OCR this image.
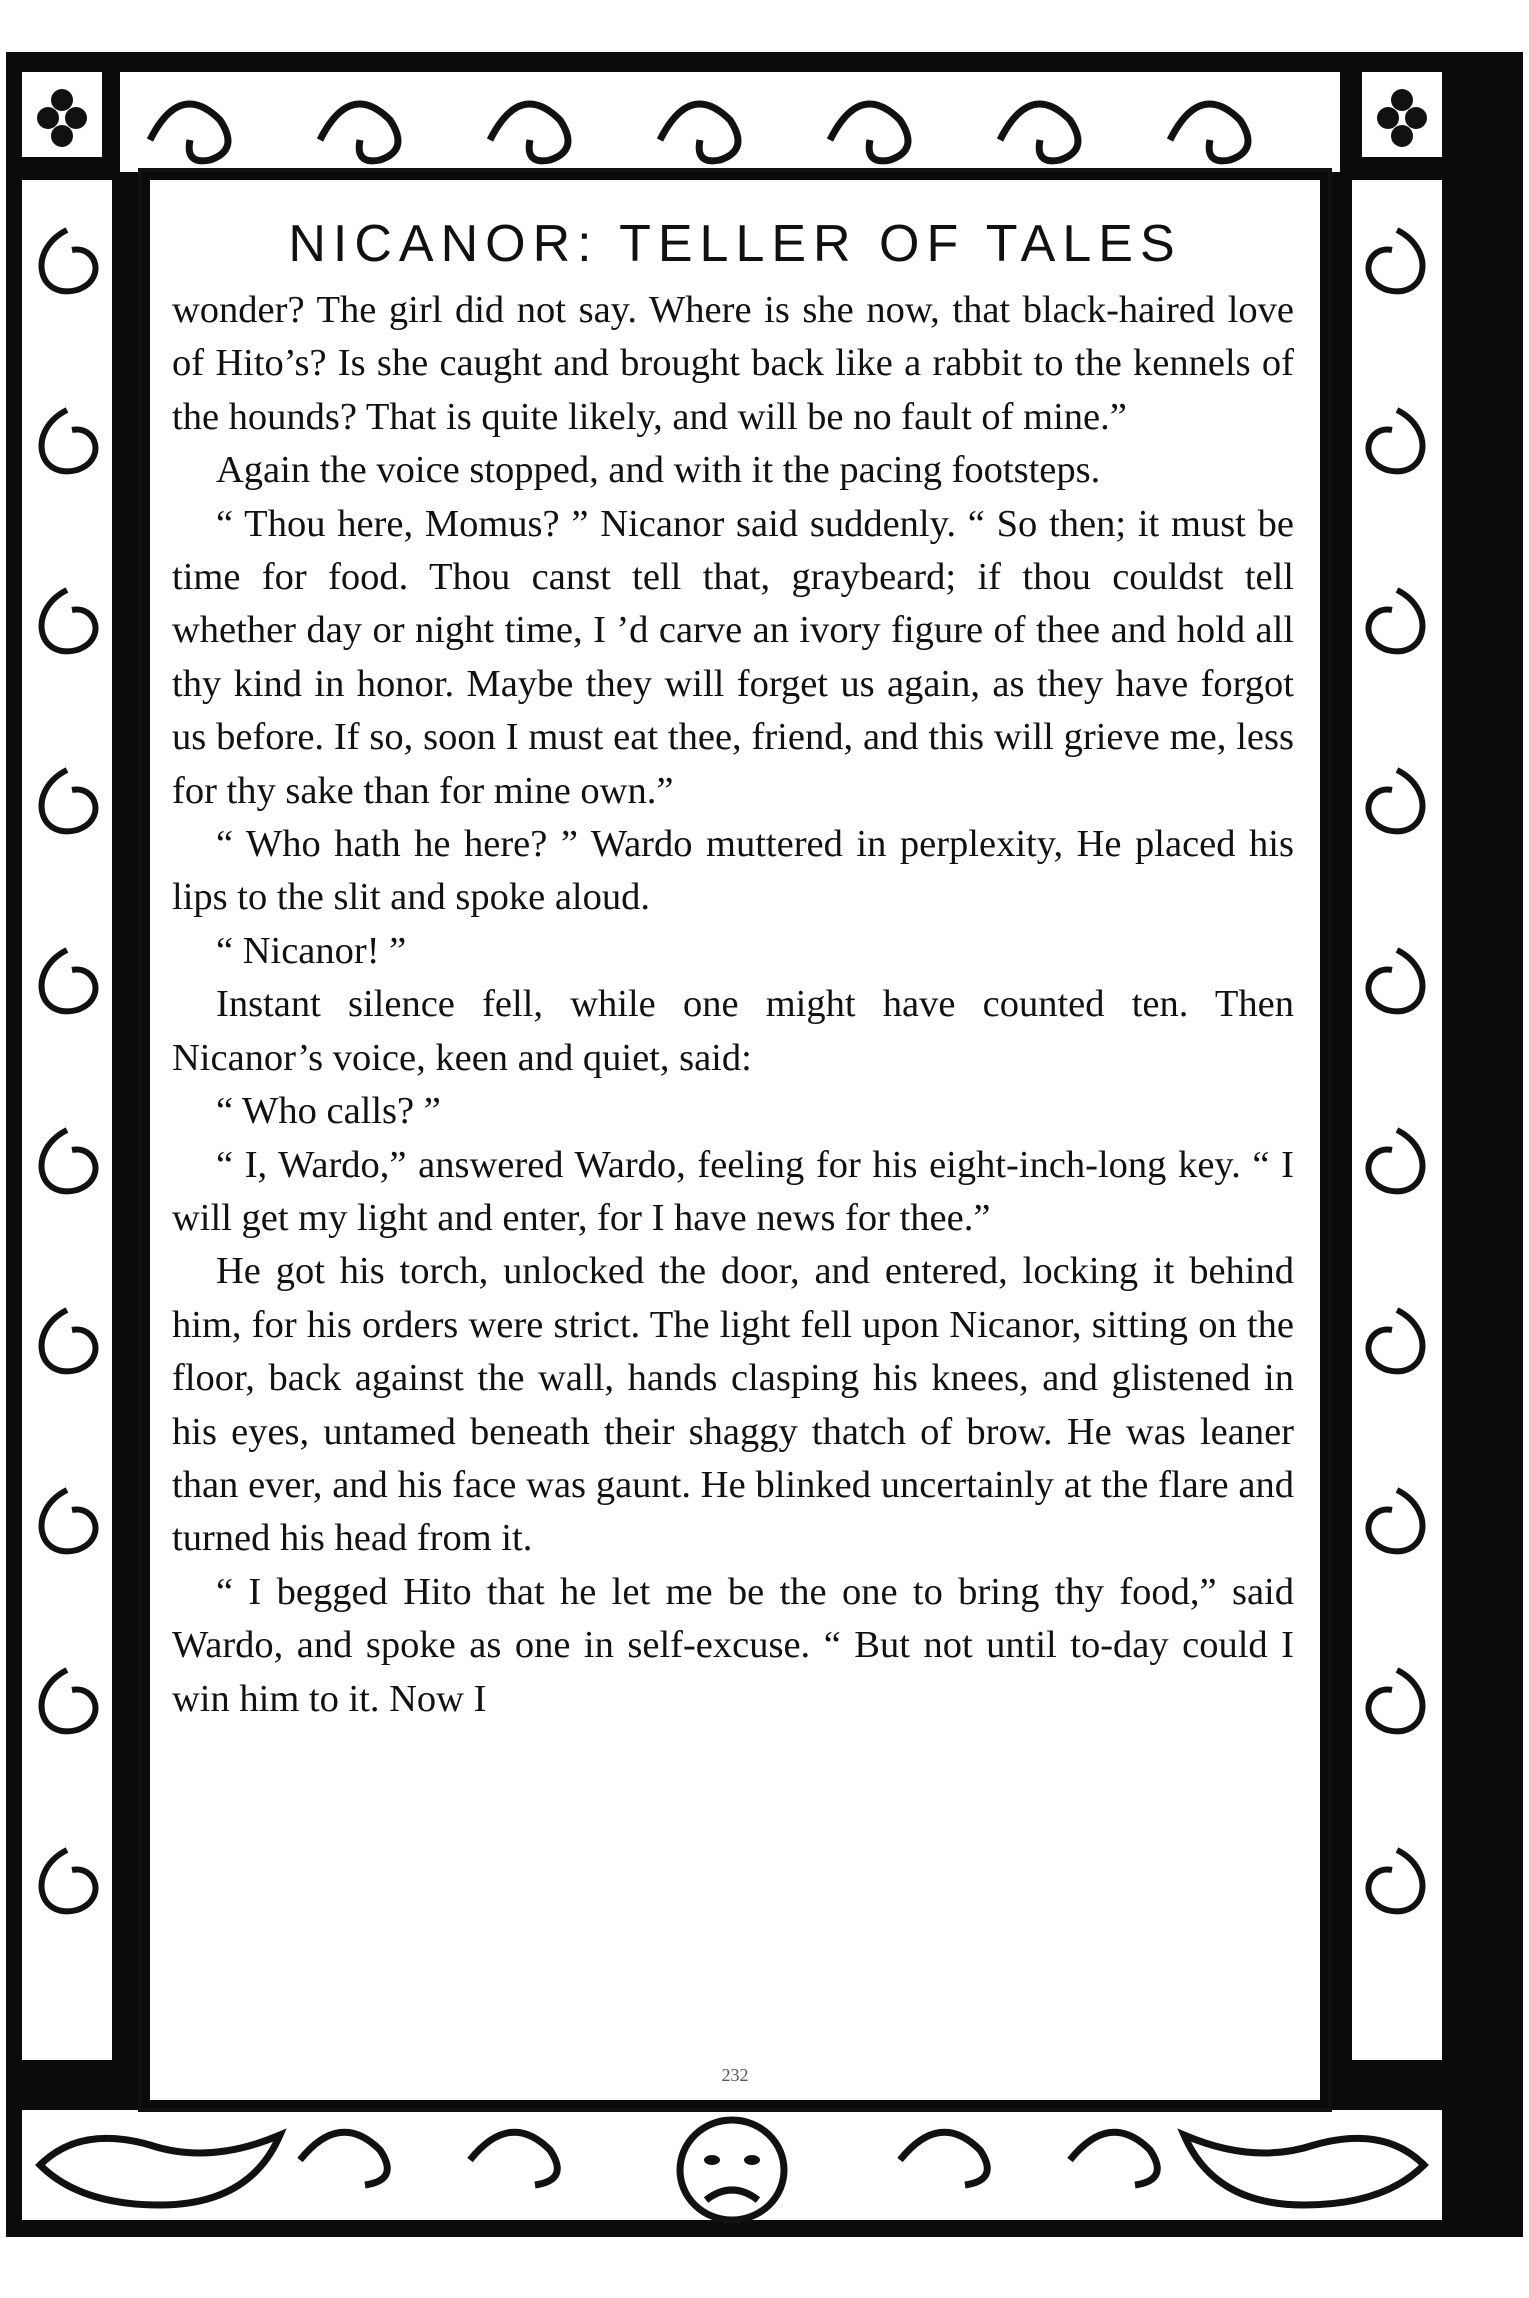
NICANOR: TELLER OF TALES

wonder? The girl did not say. Where is she now, that black-haired love of Hito’s? Is she caught and brought back like a rabbit to the kennels of the hounds? That is quite likely, and will be no fault of mine.”

Again the voice stopped, and with it the pacing footsteps.

“ Thou here, Momus? ” Nicanor said suddenly. “ So then; it must be time for food. Thou canst tell that, graybeard; if thou couldst tell whether day or night time, I ’d carve an ivory figure of thee and hold all thy kind in honor. Maybe they will forget us again, as they have forgot us before. If so, soon I must eat thee, friend, and this will grieve me, less for thy sake than for mine own.”

“ Who hath he here? ” Wardo muttered in perplexity, He placed his lips to the slit and spoke aloud.

“ Nicanor! ”

Instant silence fell, while one might have counted ten. Then Nicanor’s voice, keen and quiet, said:

“ Who calls? ”

“ I, Wardo,” answered Wardo, feeling for his eight-inch-long key. “ I will get my light and enter, for I have news for thee.”

He got his torch, unlocked the door, and entered, locking it behind him, for his orders were strict. The light fell upon Nicanor, sitting on the floor, back against the wall, hands clasping his knees, and glistened in his eyes, untamed beneath their shaggy thatch of brow. He was leaner than ever, and his face was gaunt. He blinked uncertainly at the flare and turned his head from it.

“ I begged Hito that he let me be the one to bring thy food,” said Wardo, and spoke as one in self-excuse. “ But not until to-day could I win him to it. Now I

232
